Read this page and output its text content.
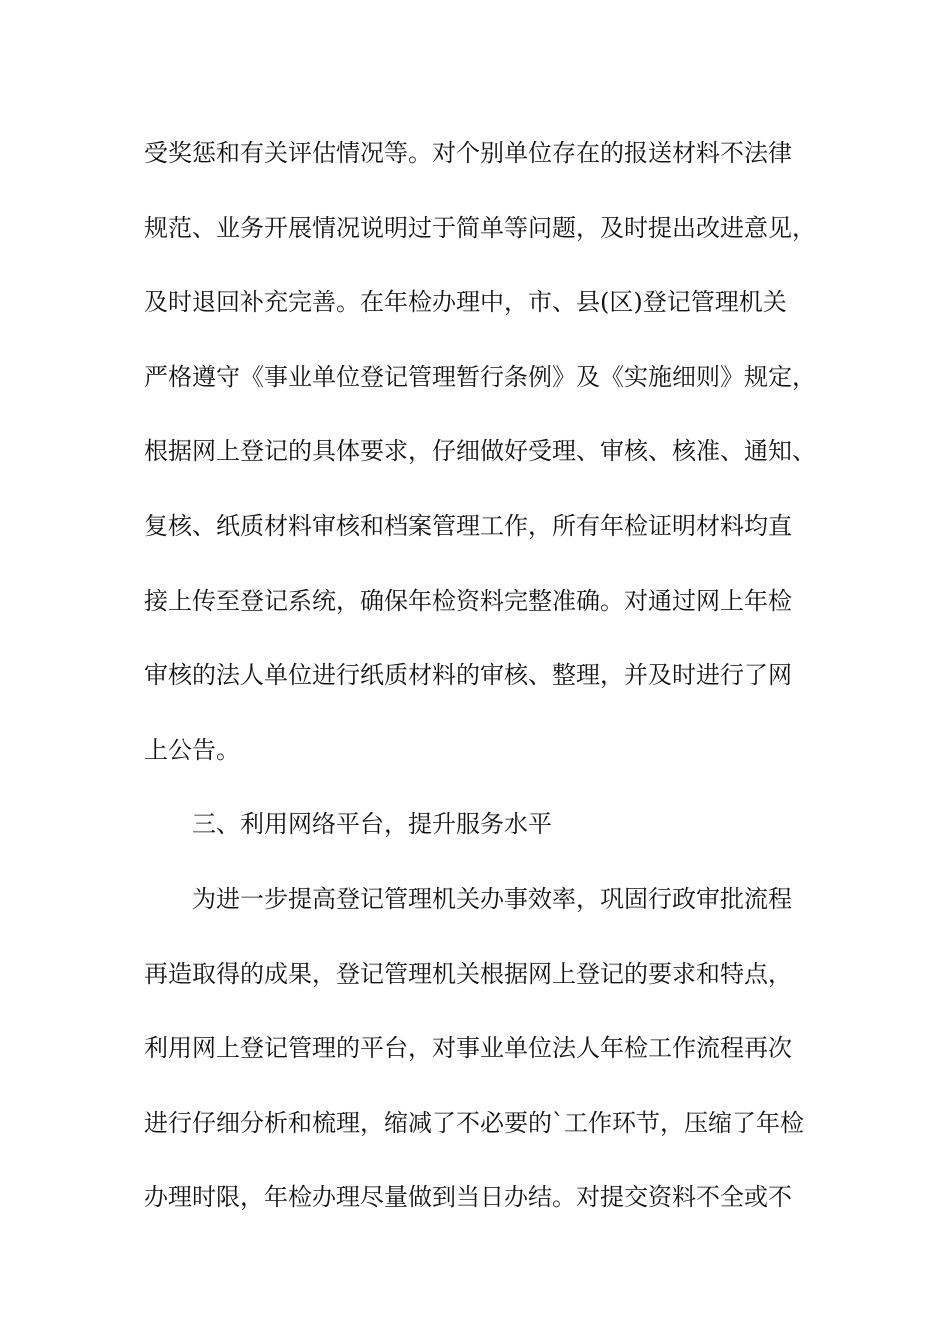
受奖惩和有关评估情况等。对个别单位存在的报送材料不法律
规范、业务开展情况说明过于简单等问题，及时提出改进意见，
及时退回补充完善。在年检办理中，市、县(区)登记管理机关
严格遵守《事业单位登记管理暂行条例》及《实施细则》规定，
根据网上登记的具体要求，仔细做好受理、审核、核准、通知、
复核、纸质材料审核和档案管理工作，所有年检证明材料均直
接上传至登记系统，确保年检资料完整准确。对通过网上年检
审核的法人单位进行纸质材料的审核、整理，并及时进行了网
上公告。
三、利用网络平台，提升服务水平
为进一步提高登记管理机关办事效率，巩固行政审批流程
再造取得的成果，登记管理机关根据网上登记的要求和特点，
利用网上登记管理的平台，对事业单位法人年检工作流程再次
进行仔细分析和梳理，缩减了不必要的`工作环节，压缩了年检
办理时限，年检办理尽量做到当日办结。对提交资料不全或不
